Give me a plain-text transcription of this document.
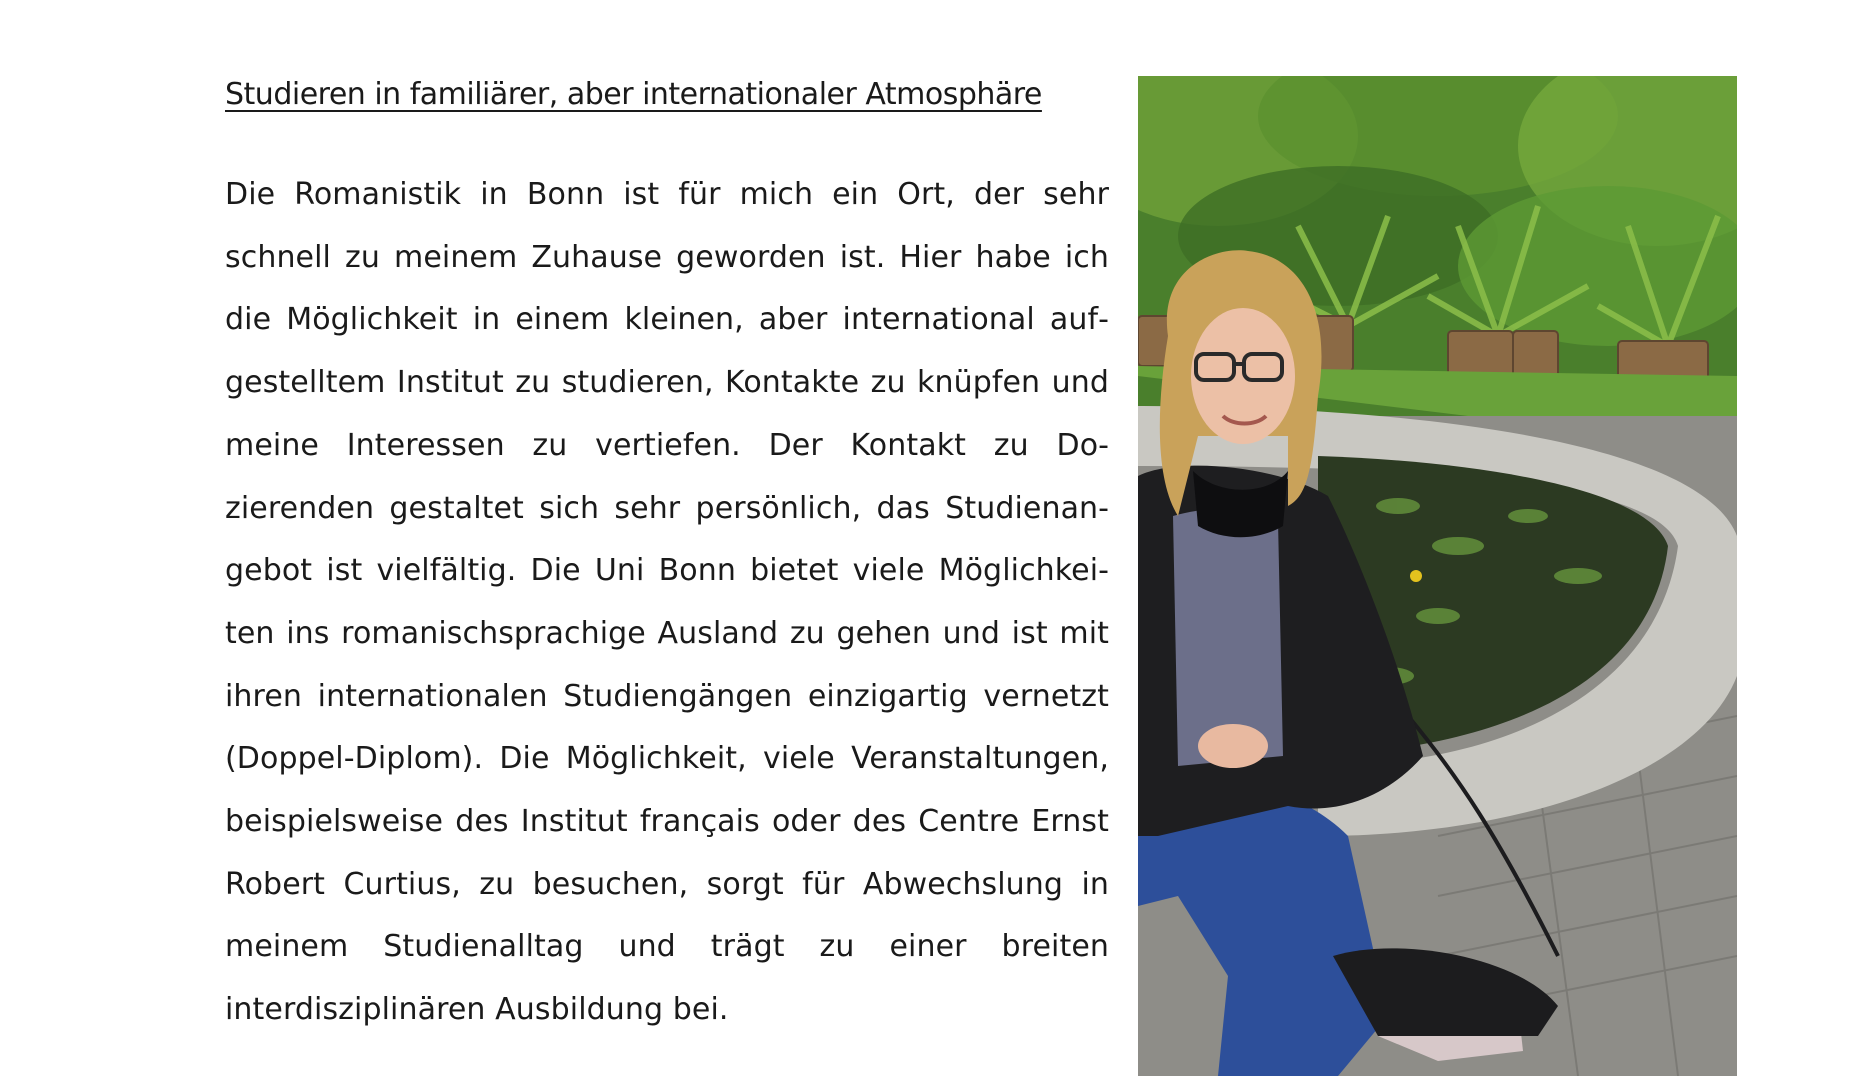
Studieren in familiärer, aber internationaler Atmosphäre

Die Romanistik in Bonn ist für mich ein Ort, der sehr schnell zu meinem Zuhause geworden ist. Hier habe ich die Möglichkeit in einem kleinen, aber international aufgestelltem Institut zu studieren, Kontakte zu knüpfen und meine Interessen zu vertiefen. Der Kontakt zu Dozierenden gestaltet sich sehr persönlich, das Studienangebot ist vielfältig. Die Uni Bonn bietet viele Möglichkeiten ins romanischsprachige Ausland zu gehen und ist mit ihren internationalen Studiengängen einzigartig vernetzt (Doppel-Diplom). Die Möglichkeit, viele Veranstaltungen, beispielsweise des Institut français oder des Centre Ernst Robert Curtius, zu besuchen, sorgt für Abwechslung in meinem Studienalltag und trägt zu einer breiten interdisziplinären Ausbildung bei.
